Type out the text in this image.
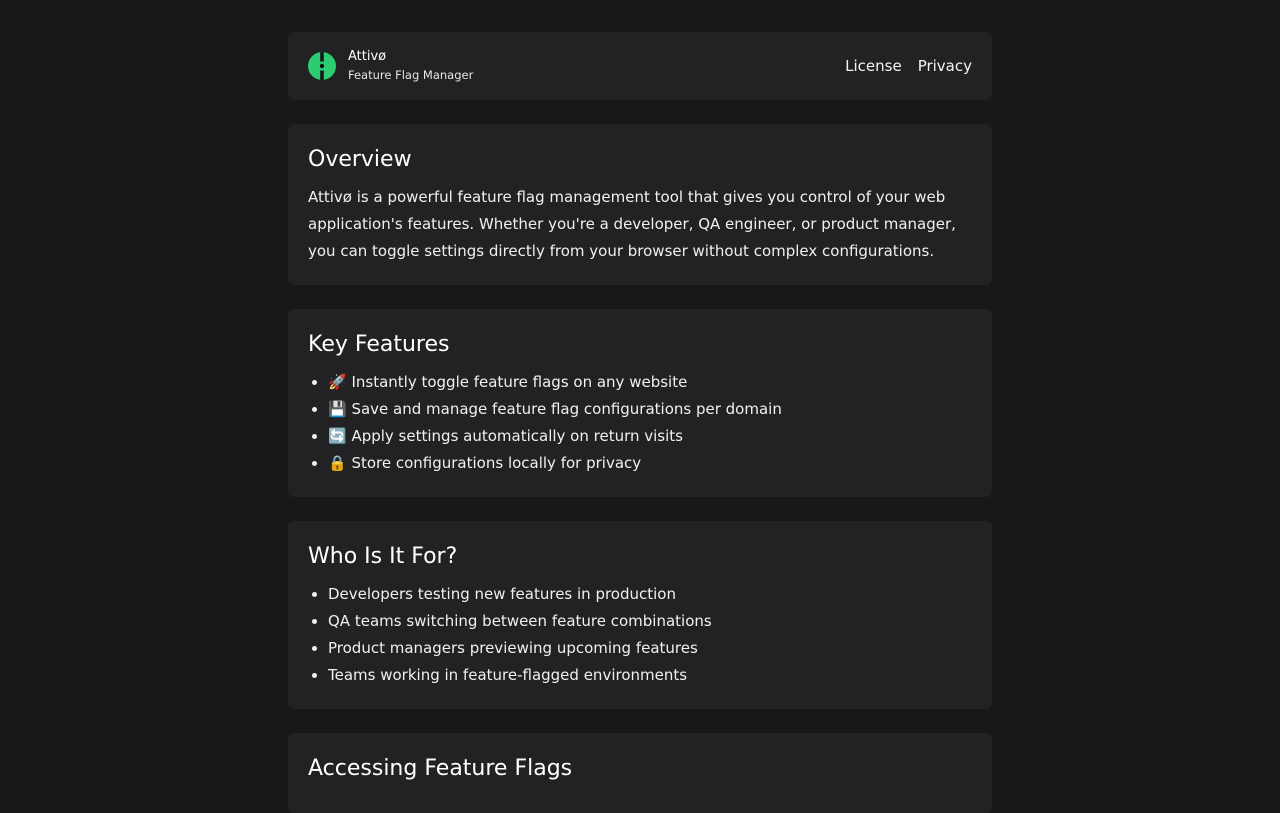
Attivø
Feature Flag Manager	License Privacy
Overview

Attivø is a powerful feature flag management tool that gives you control of your web application's features. Whether you're a developer, QA engineer, or product manager, you can toggle settings directly from your browser without complex configurations.

Key Features
• 🚀 Instantly toggle feature flags on any website
• 💾 Save and manage feature flag configurations per domain
• 🔄 Apply settings automatically on return visits
• 🔒 Store configurations locally for privacy
Who Is It For?
• Developers testing new features in production
• QA teams switching between feature combinations
• Product managers previewing upcoming features
• Teams working in feature-flagged environments
Accessing Feature Flags
